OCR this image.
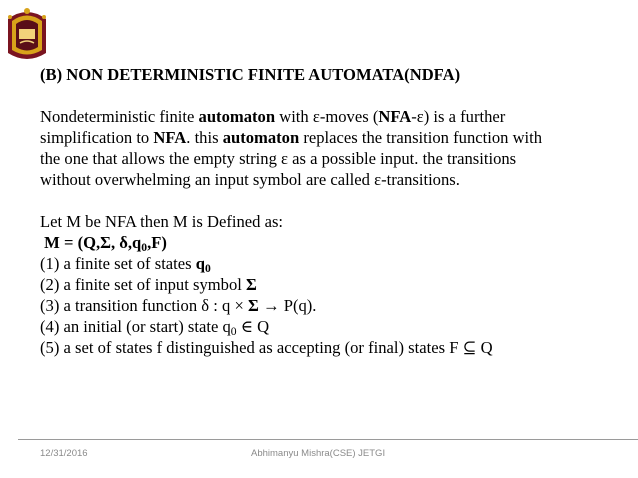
(B) NON DETERMINISTIC FINITE AUTOMATA(NDFA)
Nondeterministic finite automaton with ε-moves (NFA-ε) is a further
simplification to NFA. this automaton replaces the transition function with
the one that allows the empty string ε as a possible input. the transitions
without overwhelming an input symbol are called ε-transitions.
Let M be NFA then M is Defined as:
M = (Q,Σ, $\delta,q_0,F$)
(1) a finite set of states $q_0$
(2) a finite set of input symbol Σ
(3) a transition function δ : q × Σ → P(q).
(4) an initial (or start) state $q_0$ ∈ Q
(5) a set of states f distinguished as accepting (or final) states F ⊆ Q
12/31/2016	Abhimanyu Mishra(CSE) JETGI
